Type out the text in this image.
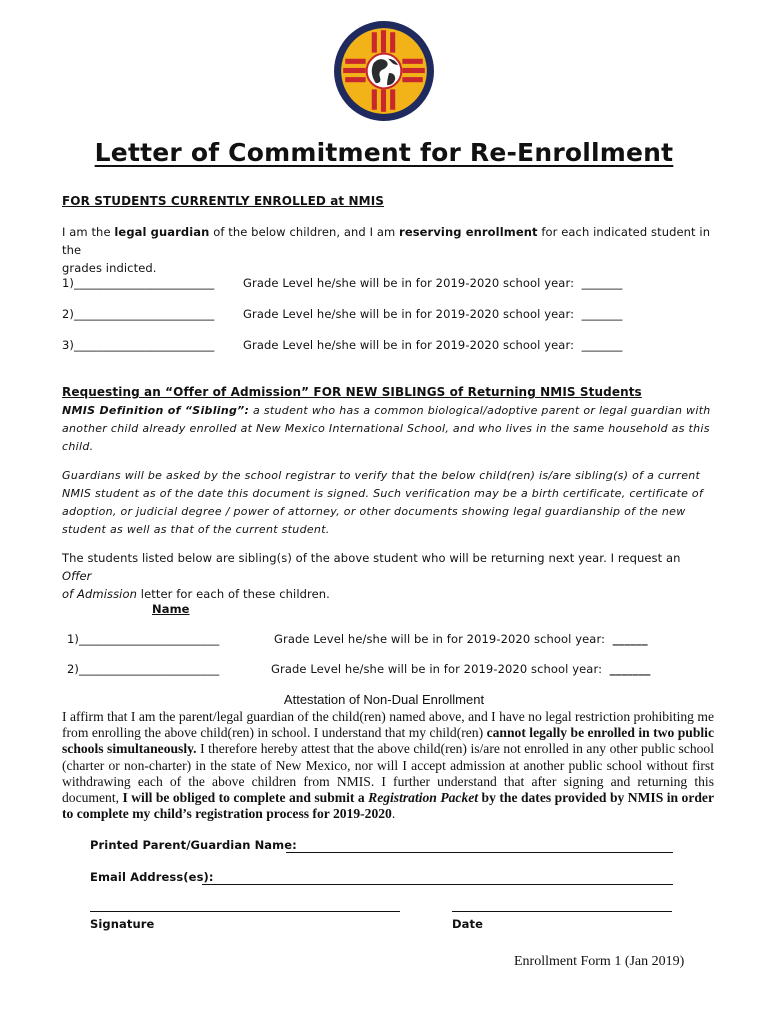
Letter of Commitment for Re-Enrollment
FOR STUDENTS CURRENTLY ENROLLED at NMIS
I am the legal guardian of the below children, and I am reserving enrollment for each indicated student in the
grades indicted.
1)________________________ Grade Level he/she will be in for 2019-2020 school year: _______
2)________________________ Grade Level he/she will be in for 2019-2020 school year: _______
3)________________________ Grade Level he/she will be in for 2019-2020 school year: _______
Requesting an “Offer of Admission” FOR NEW SIBLINGS of Returning NMIS Students
NMIS Definition of “Sibling”: a student who has a common biological/adoptive parent or legal guardian with
another child already enrolled at New Mexico International School, and who lives in the same household as this
child.
Guardians will be asked by the school registrar to verify that the below child(ren) is/are sibling(s) of a current
NMIS student as of the date this document is signed. Such verification may be a birth certificate, certificate of
adoption, or judicial degree / power of attorney, or other documents showing legal guardianship of the new
student as well as that of the current student.
The students listed below are sibling(s) of the above student who will be returning next year. I request an Offer
of Admission letter for each of these children.
Name
1)________________________	Grade Level he/she will be in for 2019-2020 school year: ______
2)________________________	Grade Level he/she will be in for 2019-2020 school year: _______
Attestation of Non-Dual Enrollment
I affirm that I am the parent/legal guardian of the child(ren) named above, and I have no legal restriction prohibiting me from enrolling the above child(ren) in school. I understand that my child(ren) cannot legally be enrolled in two public schools simultaneously. I therefore hereby attest that the above child(ren) is/are not enrolled in any other public school (charter or non-charter) in the state of New Mexico, nor will I accept admission at another public school without first withdrawing each of the above children from NMIS. I further understand that after signing and returning this document, I will be obliged to complete and submit a Registration Packet by the dates provided by NMIS in order to complete my child’s registration process for 2019-2020.
Printed Parent/Guardian Name:
Email Address(es):
Signature	Date
Enrollment Form 1 (Jan 2019)
